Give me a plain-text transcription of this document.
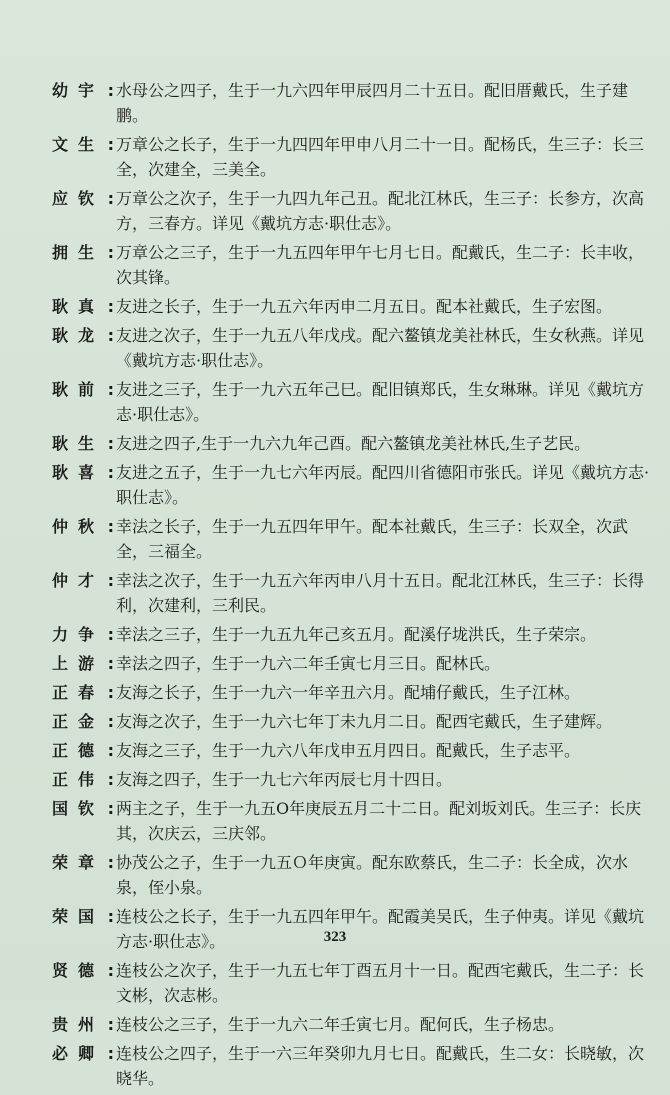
幼宇 : 水母公之四子，生于一九六四年甲辰四月二十五日。配旧厝戴氏，生子建鹏。
文生 : 万章公之长子，生于一九四四年甲申八月二十一日。配杨氏，生三子：长三全，次建全，三美全。
应钦 : 万章公之次子，生于一九四九年己丑。配北江林氏，生三子：长参方，次高方，三春方。详见《戴坑方志·职仕志》。
拥生 : 万章公之三子，生于一九五四年甲午七月七日。配戴氏，生二子：长丰收，次其锋。
耿真 : 友进之长子，生于一九五六年丙申二月五日。配本社戴氏，生子宏图。
耿龙 : 友进之次子，生于一九五八年戊戌。配六鳌镇龙美社林氏，生女秋燕。详见《戴坑方志·职仕志》。
耿前 : 友进之三子，生于一九六五年己巳。配旧镇郑氏，生女琳琳。详见《戴坑方志·职仕志》。
耿生 : 友进之四子,生于一九六九年己酉。配六鳌镇龙美社林氏,生子艺民。
耿喜 : 友进之五子，生于一九七六年丙辰。配四川省德阳市张氏。详见《戴坑方志·职仕志》。
仲秋 : 幸法之长子，生于一九五四年甲午。配本社戴氏，生三子：长双全，次武全，三福全。
仲才 : 幸法之次子，生于一九五六年丙申八月十五日。配北江林氏，生三子：长得利，次建利，三利民。
力争 : 幸法之三子，生于一九五九年己亥五月。配溪仔垅洪氏，生子荣宗。
上游 : 幸法之四子，生于一九六二年壬寅七月三日。配林氏。
正春 : 友海之长子，生于一九六一年辛丑六月。配埔仔戴氏，生子江林。
正金 : 友海之次子，生于一九六七年丁未九月二日。配西宅戴氏，生子建辉。
正德 : 友海之三子，生于一九六八年戊申五月四日。配戴氏，生子志平。
正伟 : 友海之四子，生于一九七六年丙辰七月十四日。
国钦 : 两主之子，生于一九五O年庚辰五月二十二日。配刘坂刘氏。生三子：长庆其，次庆云，三庆邻。
荣章 : 协茂公之子，生于一九五Ｏ年庚寅。配东欧蔡氏，生二子：长全成，次水泉，侄小泉。
荣国 : 连枝公之长子，生于一九五四年甲午。配霞美吴氏，生子仲夷。详见《戴坑方志·职仕志》。
贤德 : 连枝公之次子，生于一九五七年丁酉五月十一日。配西宅戴氏，生二子：长文彬，次志彬。
贵州 : 连枝公之三子，生于一九六二年壬寅七月。配何氏，生子杨忠。
必卿 : 连枝公之四子，生于一六三年癸卯九月七日。配戴氏，生二女：长晓敏，次晓华。
323
